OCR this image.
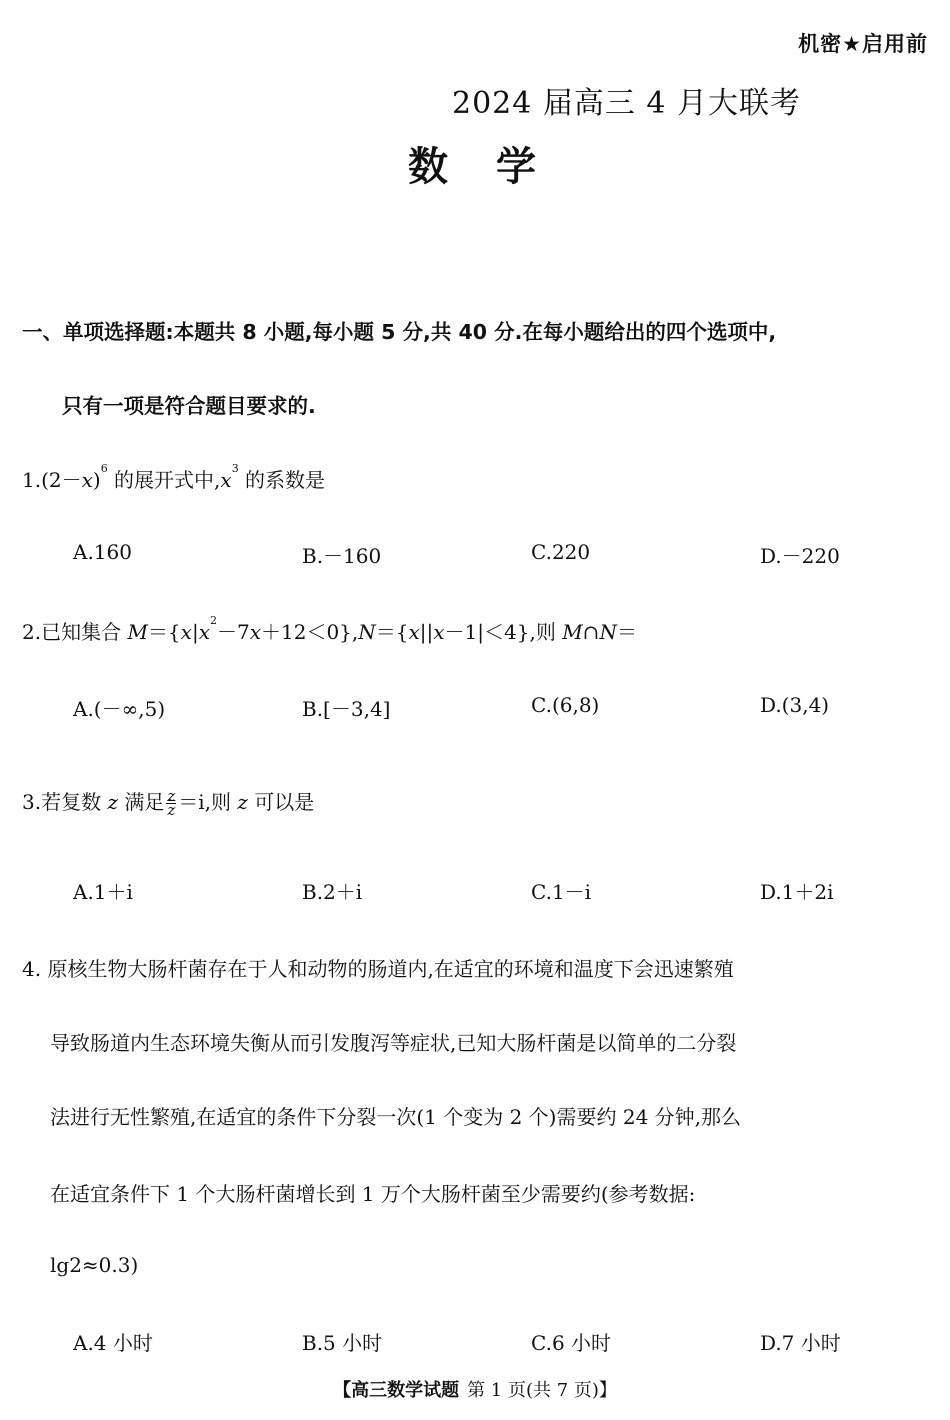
机密★启用前
2024 届高三 4 月大联考
数学
一、单项选择题:本题共 8 小题,每小题 5 分,共 40 分.在每小题给出的四个选项中,
只有一项是符合题目要求的.
$1.(2-x)^6$ 的展开式中$,x^3$ 的系数是
A.160	B.－160	C.220	D.－220
2.已知集合 $M=\{x|x^2-7x+12<0\},N=\{x||x-1|<4\}$,则 M∩N＝
A.(－∞,5)	B.[－3,4]	C.(6,8)	D.(3,4)
3.若复数 z 满足 $\frac{z}{z} =i$,则 z 可以是
A.1＋i	B.2＋i	C.1－i	D.1＋2i
4. 原核生物大肠杆菌存在于人和动物的肠道内,在适宜的环境和温度下会迅速繁殖
导致肠道内生态环境失衡从而引发腹泻等症状,已知大肠杆菌是以简单的二分裂
法进行无性繁殖,在适宜的条件下分裂一次(1 个变为 2 个)需要约 24 分钟,那么
在适宜条件下 1 个大肠杆菌增长到 1 万个大肠杆菌至少需要约(参考数据:
lg2≈0.3)
A.4 小时	B.5 小时	C.6 小时	D.7 小时
【高三数学试题 第 1 页(共 7 页)】
